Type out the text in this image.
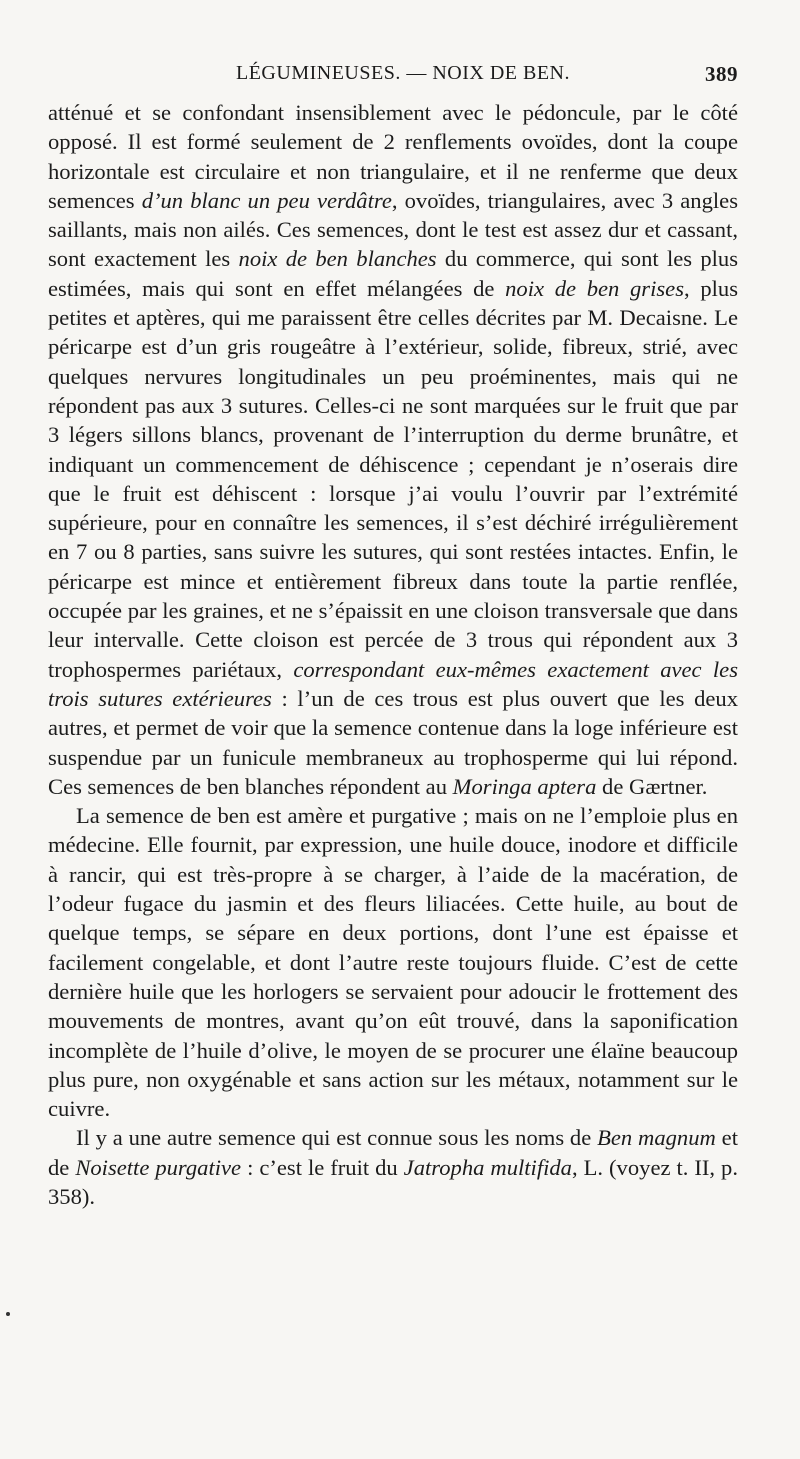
LÉGUMINEUSES. — NOIX DE BEN.	389

atténué et se confondant insensiblement avec le pédoncule, par le côté opposé. Il est formé seulement de 2 renflements ovoïdes, dont la coupe horizontale est circulaire et non triangulaire, et il ne renferme que deux semences d’un blanc un peu verdâtre, ovoïdes, triangulaires, avec 3 angles saillants, mais non ailés. Ces semences, dont le test est assez dur et cassant, sont exactement les noix de ben blanches du commerce, qui sont les plus estimées, mais qui sont en effet mélangées de noix de ben grises, plus petites et aptères, qui me paraissent être celles décrites par M. Decaisne. Le péricarpe est d’un gris rougeâtre à l’extérieur, solide, fibreux, strié, avec quelques nervures longitudinales un peu proéminentes, mais qui ne répondent pas aux 3 sutures. Celles-ci ne sont marquées sur le fruit que par 3 légers sillons blancs, provenant de l’interruption du derme brunâtre, et indiquant un commencement de déhiscence ; cependant je n’oserais dire que le fruit est déhiscent : lorsque j’ai voulu l’ouvrir par l’extrémité supérieure, pour en connaître les semences, il s’est déchiré irrégulièrement en 7 ou 8 parties, sans suivre les sutures, qui sont restées intactes. Enfin, le péricarpe est mince et entièrement fibreux dans toute la partie renflée, occupée par les graines, et ne s’épaissit en une cloison transversale que dans leur intervalle. Cette cloison est percée de 3 trous qui répondent aux 3 trophospermes pariétaux, correspondant eux-mêmes exactement avec les trois sutures extérieures : l’un de ces trous est plus ouvert que les deux autres, et permet de voir que la semence contenue dans la loge inférieure est suspendue par un funicule membraneux au trophosperme qui lui répond. Ces semences de ben blanches répondent au Moringa aptera de Gærtner.

La semence de ben est amère et purgative ; mais on ne l’emploie plus en médecine. Elle fournit, par expression, une huile douce, inodore et difficile à rancir, qui est très-propre à se charger, à l’aide de la macération, de l’odeur fugace du jasmin et des fleurs liliacées. Cette huile, au bout de quelque temps, se sépare en deux portions, dont l’une est épaisse et facilement congelable, et dont l’autre reste toujours fluide. C’est de cette dernière huile que les horlogers se servaient pour adoucir le frottement des mouvements de montres, avant qu’on eût trouvé, dans la saponification incomplète de l’huile d’olive, le moyen de se procurer une élaïne beaucoup plus pure, non oxygénable et sans action sur les métaux, notamment sur le cuivre.

Il y a une autre semence qui est connue sous les noms de Ben magnum et de Noisette purgative : c’est le fruit du Jatropha multifida, L. (voyez t. II, p. 358).
